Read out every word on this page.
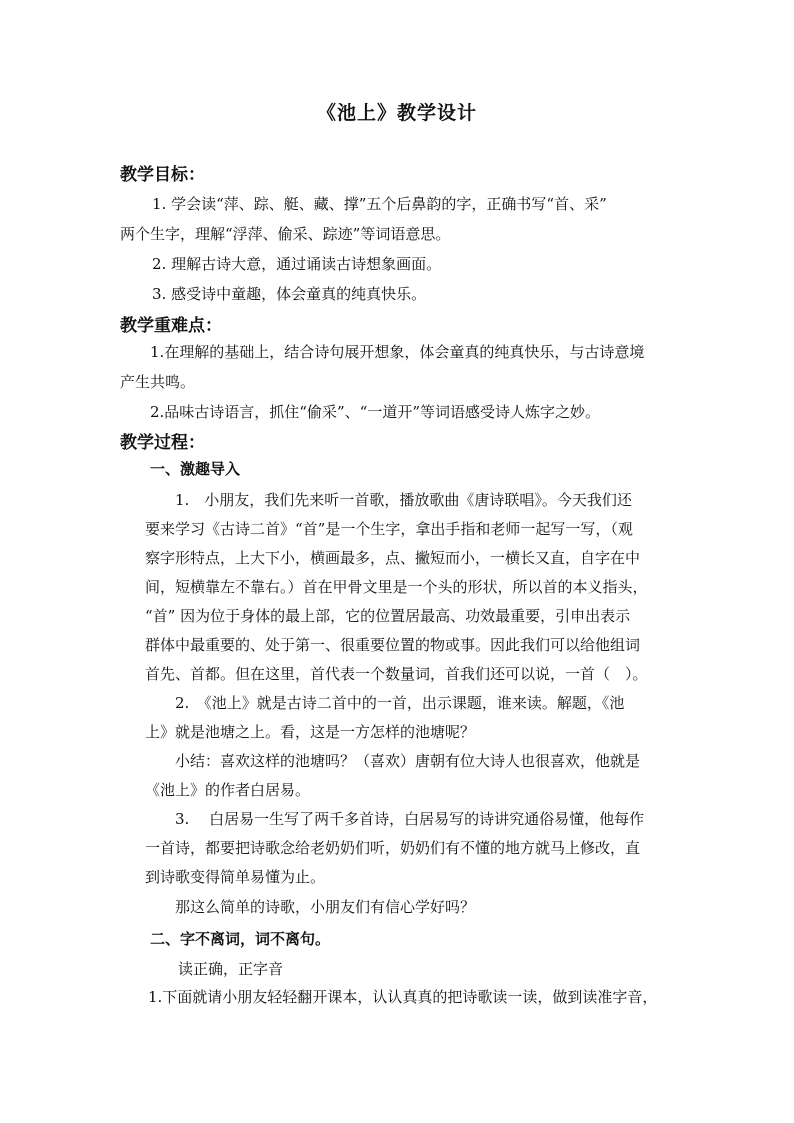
《池上》教学设计
教学目标：
1. 学会读“萍、踪、艇、藏、撑”五个后鼻韵的字，正确书写“首、采”
两个生字，理解“浮萍、偷采、踪迹”等词语意思。
2. 理解古诗大意，通过诵读古诗想象画面。
3. 感受诗中童趣，体会童真的纯真快乐。
教学重难点：
1.在理解的基础上，结合诗句展开想象，体会童真的纯真快乐，与古诗意境
产生共鸣。
2.品味古诗语言，抓住“偷采”、“一道开”等词语感受诗人炼字之妙。
教学过程：
一、激趣导入
1.　小朋友，我们先来听一首歌，播放歌曲《唐诗联唱》。今天我们还
要来学习《古诗二首》“首”是一个生字，拿出手指和老师一起写一写，（观
察字形特点，上大下小，横画最多，点、撇短而小，一横长又直，自字在中
间，短横靠左不靠右。）首在甲骨文里是一个头的形状，所以首的本义指头，
“首” 因为位于身体的最上部，它的位置居最高、功效最重要，引申出表示
群体中最重要的、处于第一、很重要位置的物或事。因此我们可以给他组词
首先、首都。但在这里，首代表一个数量词，首我们还可以说，一首（　）。
2.　《池上》就是古诗二首中的一首，出示课题，谁来读。解题，《池
上》就是池塘之上。看，这是一方怎样的池塘呢？
小结：喜欢这样的池塘吗？（喜欢）唐朝有位大诗人也很喜欢，他就是
《池上》的作者白居易。
3.　 白居易一生写了两千多首诗，白居易写的诗讲究通俗易懂，他每作
一首诗，都要把诗歌念给老奶奶们听，奶奶们有不懂的地方就马上修改，直
到诗歌变得简单易懂为止。
那这么简单的诗歌，小朋友们有信心学好吗？
二、字不离词，词不离句。
读正确，正字音
1.下面就请小朋友轻轻翻开课本，认认真真的把诗歌读一读，做到读准字音，
